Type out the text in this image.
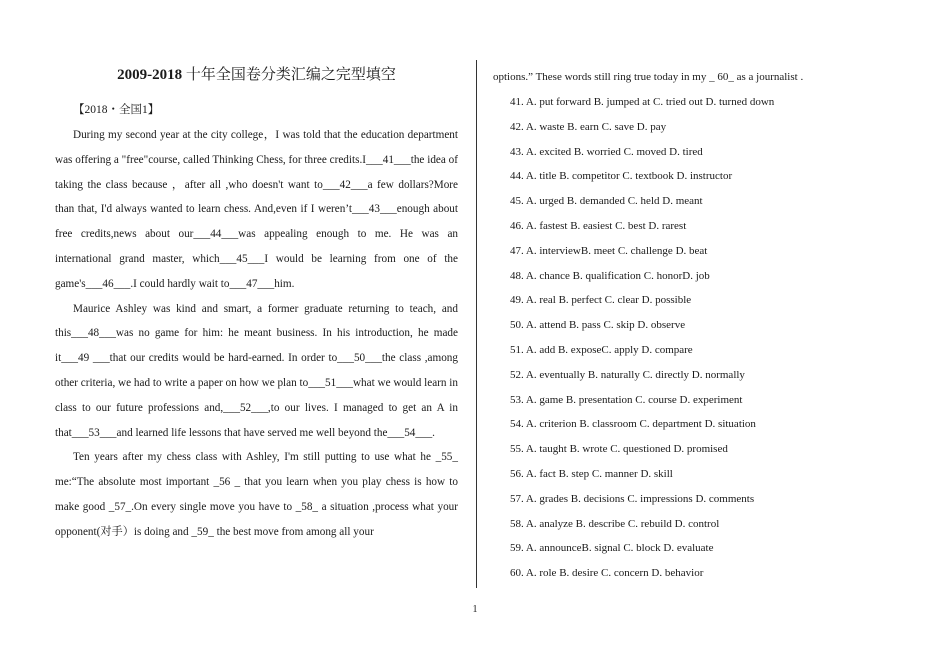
2009-2018 十年全国卷分类汇编之完型填空
【2018・全国1】

During my second year at the city college，I was told that the education department was offering a "free"course, called Thinking Chess, for three credits.I___41___the idea of taking the class because ，after all ,who doesn't want to___42___a few dollars?More than that, I'd always wanted to learn chess. And,even if I weren’t___43___enough about free credits,news about our___44___was appealing enough to me. He was an international grand master, which___45___I would be learning from one of the game's___46___.I could hardly wait to___47___him.

Maurice Ashley was kind and smart, a former graduate returning to teach, and this___48___was no game for him: he meant business. In his introduction, he made it___49 ___that our credits would be hard-earned. In order to___50___the class ,among other criteria, we had to write a paper on how we plan to___51___what we would learn in class to our future professions and,___52___,to our lives. I managed to get an A in that___53___and learned life lessons that have served me well beyond the___54___.

Ten years after my chess class with Ashley, I'm still putting to use what he _55_ me:“The absolute most important _56 _ that you learn when you play chess is how to make good _57_.On every single move you have to _58_ a situation ,process what your opponent(对手）is doing and _59_ the best move from among all your

options.” These words still ring true today in my _ 60_ as a journalist .

41. A. put forward B. jumped at C. tried out D. turned down
42. A. waste B. earn C. save D. pay
43. A. excited B. worried C. moved D. tired
44. A. title B. competitor C. textbook D. instructor
45. A. urged B. demanded C. held D. meant
46. A. fastest B. easiest C. best D. rarest
47. A. interviewB. meet C. challenge D. beat
48. A. chance B. qualification C. honorD. job
49. A. real B. perfect C. clear D. possible
50. A. attend B. pass C. skip D. observe
51. A. add B. exposeC. apply D. compare
52. A. eventually B. naturally C. directly D. normally
53. A. game B. presentation C. course D. experiment
54. A. criterion B. classroom C. department D. situation
55. A. taught B. wrote C. questioned D. promised
56. A. fact B. step C. manner D. skill
57. A. grades B. decisions C. impressions D. comments
58. A. analyze B. describe C. rebuild D. control
59. A. announceB. signal C. block D. evaluate
60. A. role B. desire C. concern D. behavior
1
